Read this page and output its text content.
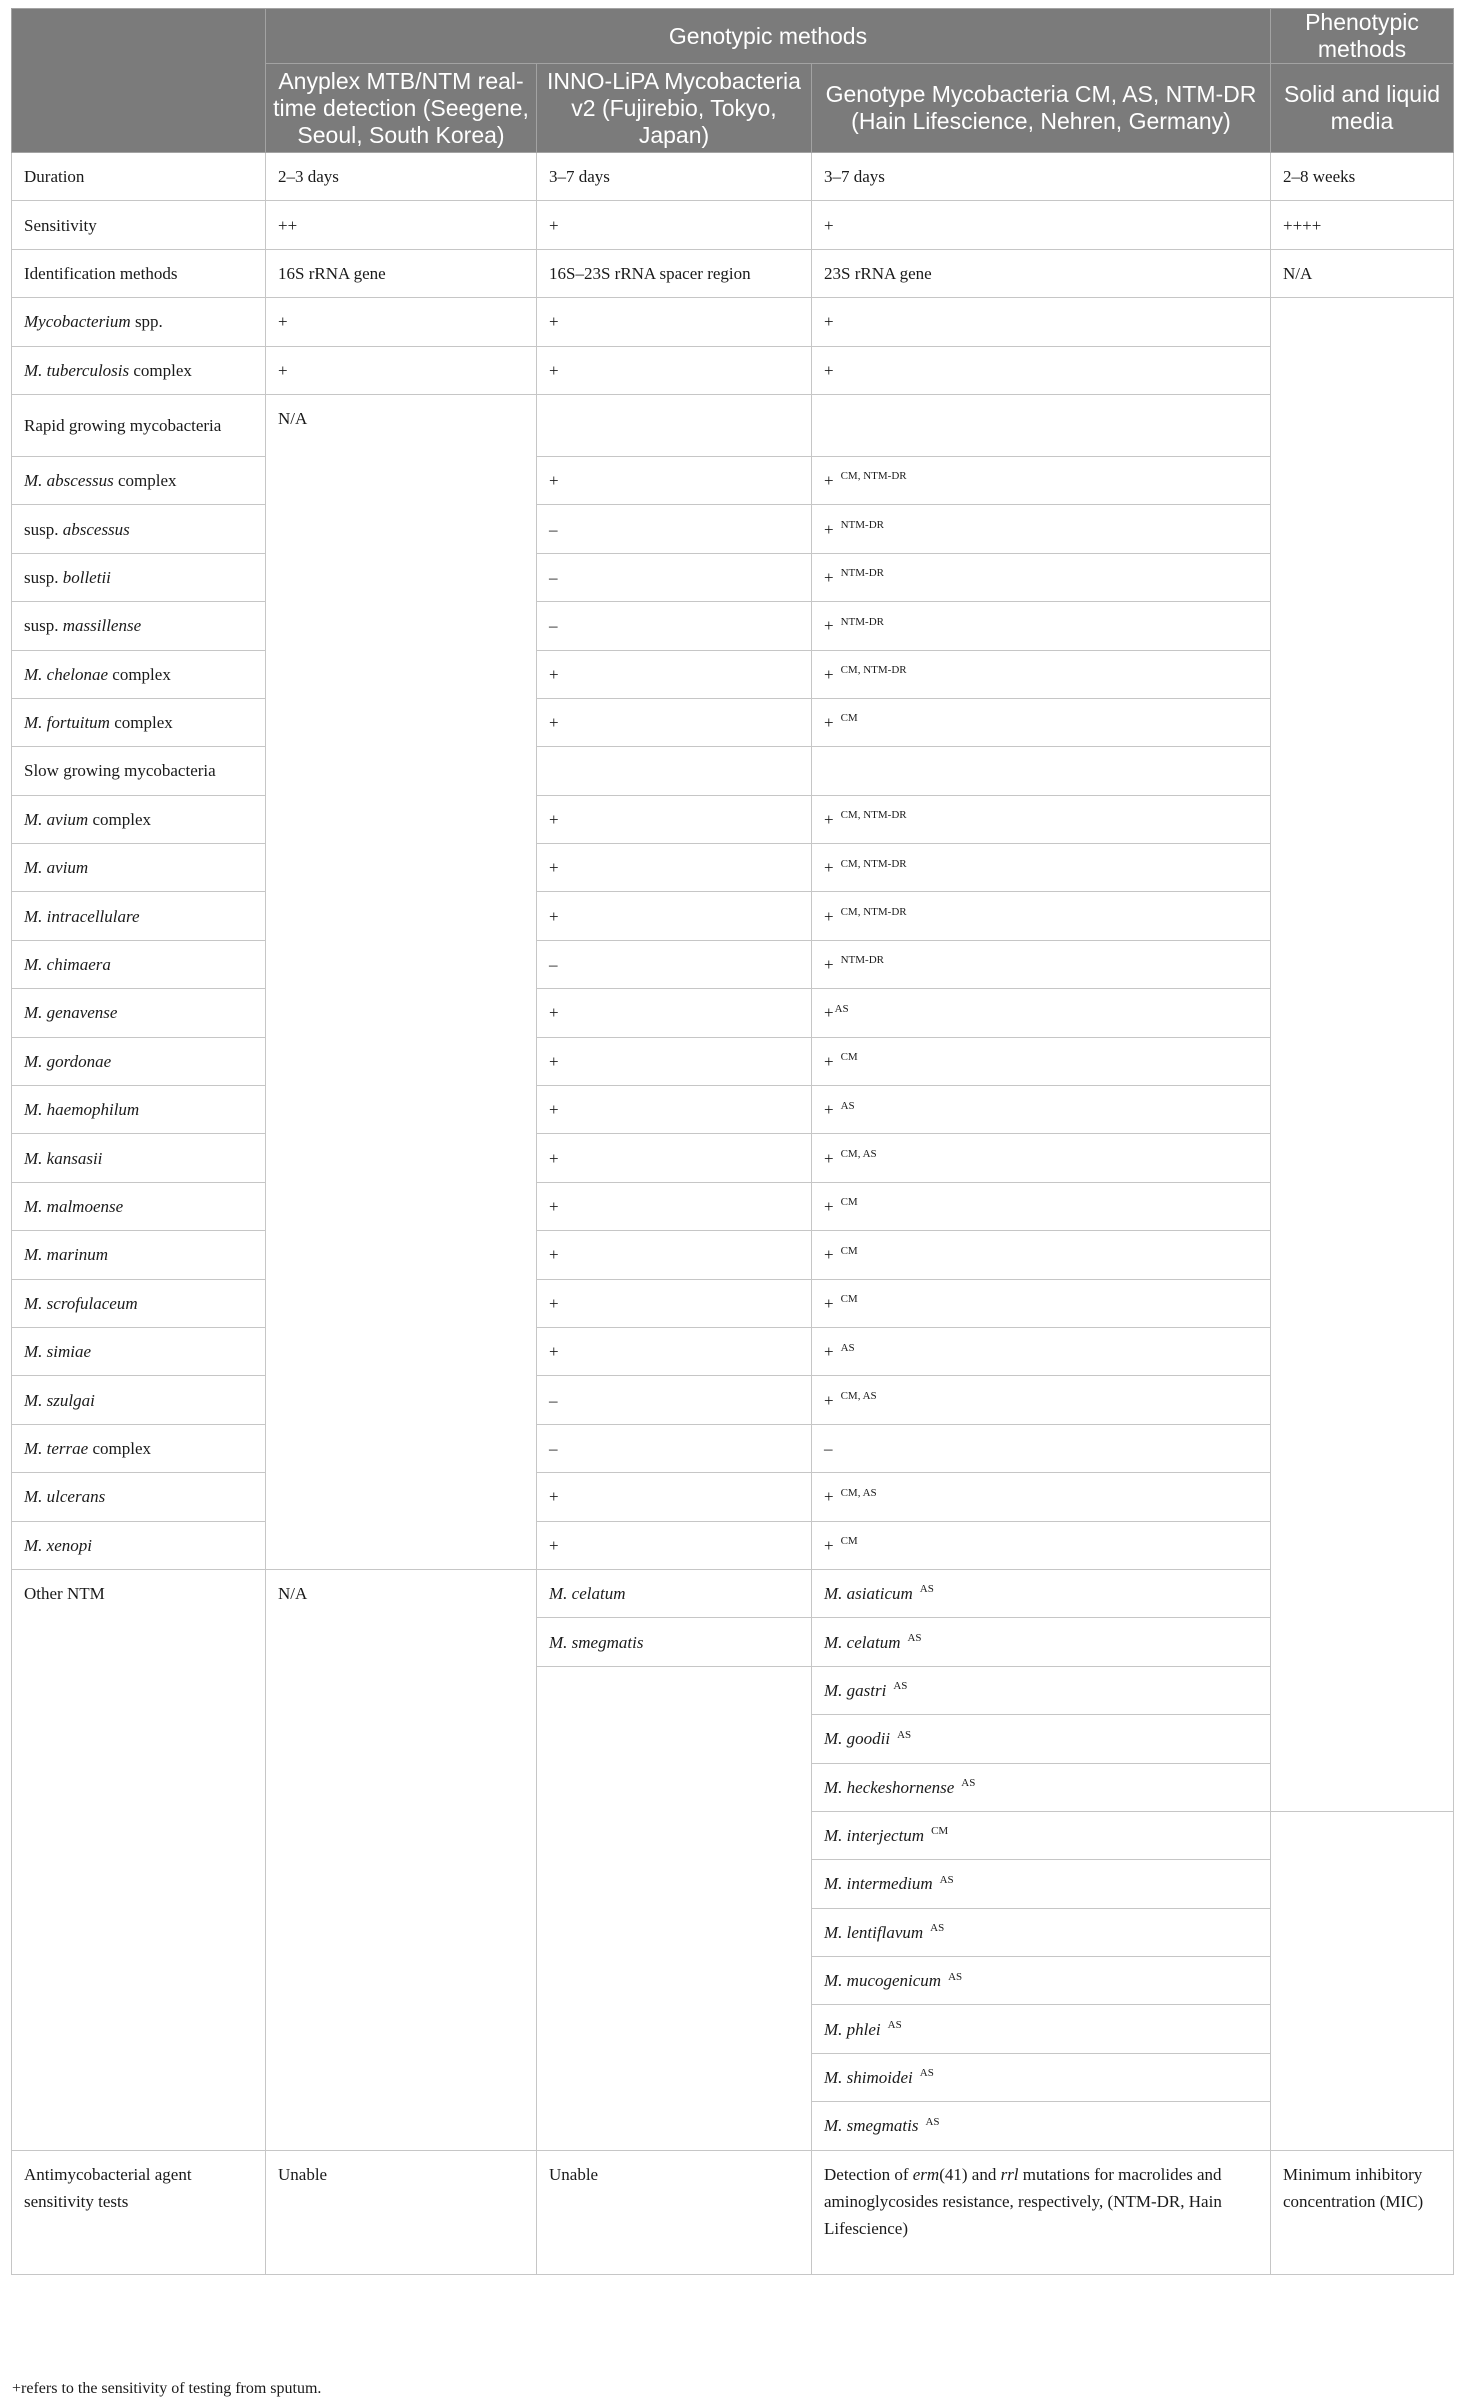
	Genotypic methods			Phenotypic methods
	Anyplex MTB/NTM real-time detection (Seegene, Seoul, South Korea)	INNO-LiPA Mycobacteria v2 (Fujirebio, Tokyo, Japan)	Genotype Mycobacteria CM, AS, NTM-DR (Hain Lifescience, Nehren, Germany)	Solid and liquid media
Duration	2–3 days	3–7 days	3–7 days	2–8 weeks
Sensitivity	++	+	+	++++
Identification methods	16S rRNA gene	16S–23S rRNA spacer region	23S rRNA gene	N/A
Mycobacterium spp.	+	+	+	
M. tuberculosis complex	+	+	+	
Rapid growing mycobacteria	N/A			
M. abscessus complex		+	+ $^{CM, NTM-DR}$
susp. abscessus		–	+ $^{NTM-DR}$
susp. bolletii		–	+ $^{NTM-DR}$
susp. massillense		–	+ $^{NTM-DR}$
M. chelonae complex		+	+ $^{CM, NTM-DR}$
M. fortuitum complex		+	+ $^{CM}$
Slow growing mycobacteria				
M. avium complex		+	+ $^{CM, NTM-DR}$
M. avium		+	+ $^{CM, NTM-DR}$
M. intracellulare		+	+ $^{CM, NTM-DR}$
M. chimaera		–	+ $^{NTM-DR}$
M. genavense		+	+$^{AS}$
M. gordonae		+	+ $^{CM}$
M. haemophilum		+	+ $^{AS}$
M. kansasii		+	+ $^{CM, AS}$
M. malmoense		+	+ $^{CM}$
M. marinum		+	+ $^{CM}$
M. scrofulaceum		+	+ $^{CM}$
M. simiae		+	+ $^{AS}$
M. szulgai		–	+ $^{CM, AS}$
M. terrae complex		–	–	
M. ulcerans		+	+ $^{CM, AS}$
M. xenopi		+	+ $^{CM}$
Other NTM	N/A	M. celatum	M. asiaticum $^{AS}$
		M. smegmatis	M. celatum $^{AS}$
			M. gastri $^{AS}$
			M. goodii $^{AS}$
			M. heckeshornense $^{AS}$
			M. interjectum $^{CM}$	
			M. intermedium $^{AS}$
			M. lentiflavum $^{AS}$
			M. mucogenicum $^{AS}$
			M. phlei $^{AS}$
			M. shimoidei $^{AS}$
			M. smegmatis $^{AS}$
Antimycobacterial agent sensitivity tests	Unable	Unable	Detection of erm(41) and rrl mutations for macrolides and aminoglycosides resistance, respectively, (NTM-DR, Hain Lifescience)	Minimum inhibitory concentration (MIC)
+refers to the sensitivity of testing from sputum.
